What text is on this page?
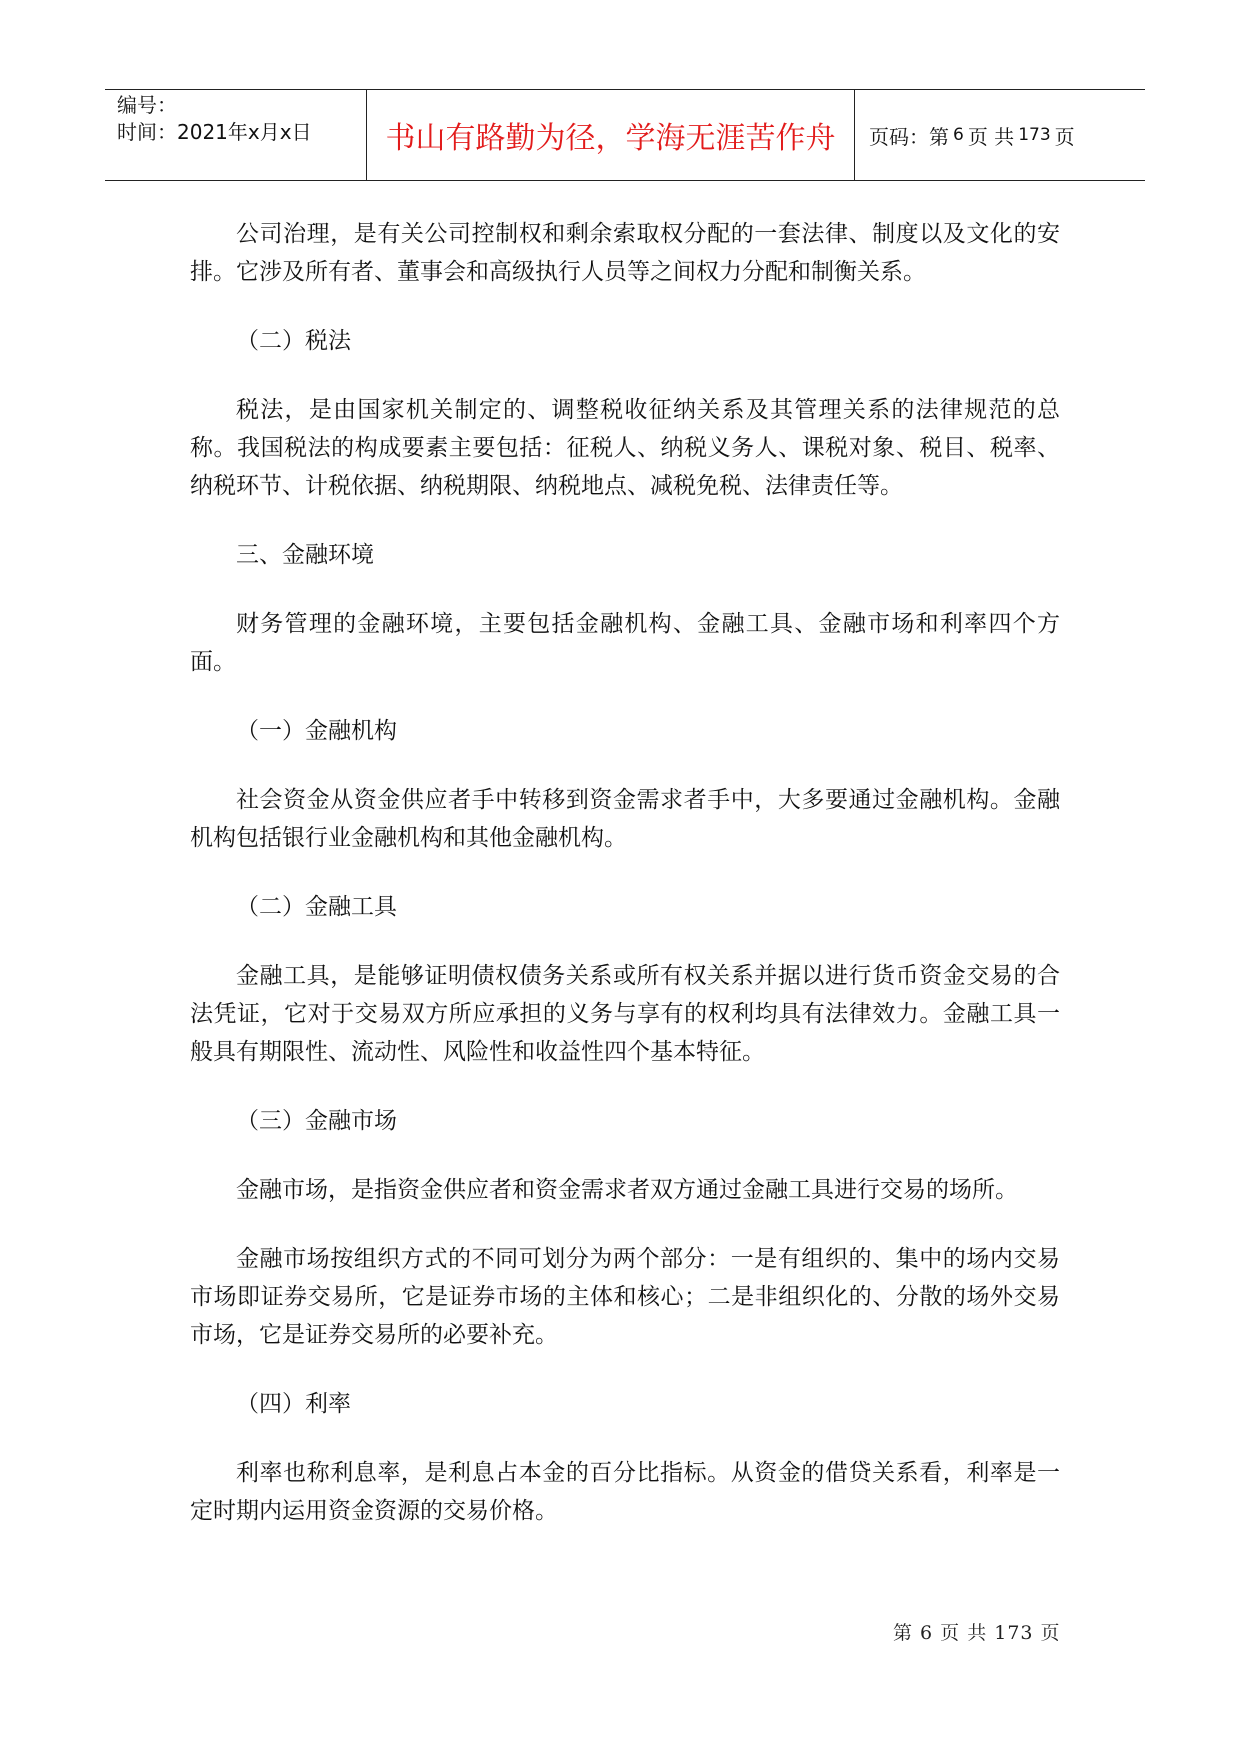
编号：
时间：2021年x月x日	书山有路勤为径，学海无涯苦作舟	页码：第 6 页 共 173 页

公司治理，是有关公司控制权和剩余索取权分配的一套法律、制度以及文化的安排。它涉及所有者、董事会和高级执行人员等之间权力分配和制衡关系。

（二）税法

税法，是由国家机关制定的、调整税收征纳关系及其管理关系的法律规范的总称。我国税法的构成要素主要包括：征税人、纳税义务人、课税对象、税目、税率、纳税环节、计税依据、纳税期限、纳税地点、减税免税、法律责任等。

三、金融环境

财务管理的金融环境，主要包括金融机构、金融工具、金融市场和利率四个方面。

（一）金融机构

社会资金从资金供应者手中转移到资金需求者手中，大多要通过金融机构。金融机构包括银行业金融机构和其他金融机构。

（二）金融工具

金融工具，是能够证明债权债务关系或所有权关系并据以进行货币资金交易的合法凭证，它对于交易双方所应承担的义务与享有的权利均具有法律效力。金融工具一般具有期限性、流动性、风险性和收益性四个基本特征。

（三）金融市场

金融市场，是指资金供应者和资金需求者双方通过金融工具进行交易的场所。

金融市场按组织方式的不同可划分为两个部分：一是有组织的、集中的场内交易市场即证券交易所，它是证券市场的主体和核心；二是非组织化的、分散的场外交易市场，它是证券交易所的必要补充。

（四）利率

利率也称利息率，是利息占本金的百分比指标。从资金的借贷关系看，利率是一定时期内运用资金资源的交易价格。

第 6 页 共 173 页
